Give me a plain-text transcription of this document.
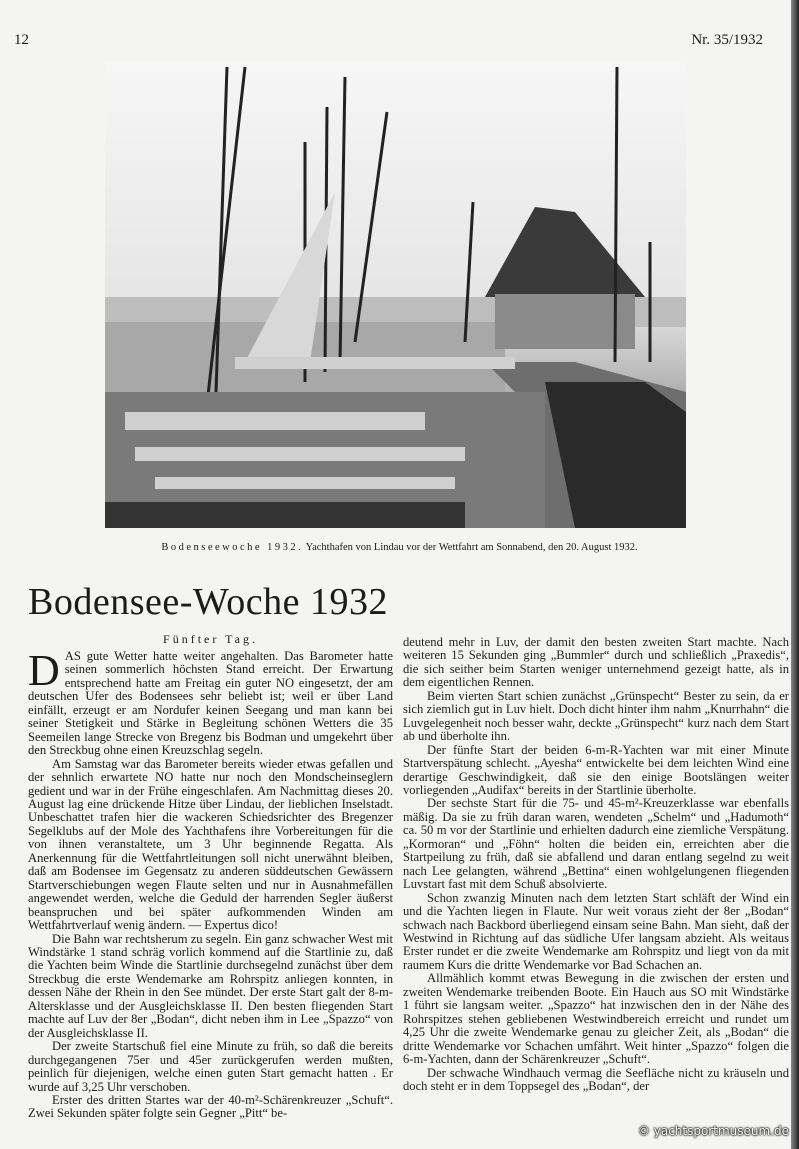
12	Nr. 35/1932
Bodenseewoche 1932. Yachthafen von Lindau vor der Wettfahrt am Sonnabend, den 20. August 1932.
Bodensee-Woche 1932
Fünfter Tag.

DAS gute Wetter hatte weiter angehalten. Das Barometer hatte seinen sommerlich höchsten Stand erreicht. Der Erwartung entsprechend hatte am Freitag ein guter NO eingesetzt, der am deutschen Ufer des Bodensees sehr beliebt ist; weil er über Land einfällt, erzeugt er am Nordufer keinen Seegang und man kann bei seiner Stetigkeit und Stärke in Begleitung schönen Wetters die 35 Seemeilen lange Strecke von Bregenz bis Bodman und umgekehrt über den Streckbug ohne einen Kreuzschlag segeln.

Am Samstag war das Barometer bereits wieder etwas gefallen und der sehnlich erwartete NO hatte nur noch den Mondscheinseglern gedient und war in der Frühe eingeschlafen. Am Nachmittag dieses 20. August lag eine drückende Hitze über Lindau, der lieblichen Inselstadt. Unbeschattet trafen hier die wackeren Schiedsrichter des Bregenzer Segelklubs auf der Mole des Yachthafens ihre Vorbereitungen für die von ihnen veranstaltete, um 3 Uhr beginnende Regatta. Als Anerkennung für die Wettfahrtleitungen soll nicht unerwähnt bleiben, daß am Bodensee im Gegensatz zu anderen süddeutschen Gewässern Startverschiebungen wegen Flaute selten und nur in Ausnahmefällen angewendet werden, welche die Geduld der harrenden Segler äußerst beanspruchen und bei später aufkommenden Winden am Wettfahrtverlauf wenig ändern. — Expertus dico!

Die Bahn war rechtsherum zu segeln. Ein ganz schwacher West mit Windstärke 1 stand schräg vorlich kommend auf die Startlinie zu, daß die Yachten beim Winde die Startlinie durchsegelnd zunächst über dem Streckbug die erste Wendemarke am Rohrspitz anliegen konnten, in dessen Nähe der Rhein in den See mündet. Der erste Start galt der 8-m-Altersklasse und der Ausgleichsklasse II. Den besten fliegenden Start machte auf Luv der 8er „Bodan“, dicht neben ihm in Lee „Spazzo“ von der Ausgleichsklasse II.

Der zweite Startschuß fiel eine Minute zu früh, so daß die bereits durchgegangenen 75er und 45er zurückgerufen werden mußten, peinlich für diejenigen, welche einen guten Start gemacht hatten . Er wurde auf 3,25 Uhr verschoben.

Erster des dritten Startes war der 40-m²-Schärenkreuzer „Schuft“. Zwei Sekunden später folgte sein Gegner „Pitt“ be-

deutend mehr in Luv, der damit den besten zweiten Start machte. Nach weiteren 15 Sekunden ging „Bummler“ durch und schließlich „Praxedis“, die sich seither beim Starten weniger unternehmend gezeigt hatte, als in dem eigentlichen Rennen.

Beim vierten Start schien zunächst „Grünspecht“ Bester zu sein, da er sich ziemlich gut in Luv hielt. Doch dicht hinter ihm nahm „Knurrhahn“ die Luvgelegenheit noch besser wahr, deckte „Grünspecht“ kurz nach dem Start ab und überholte ihn.

Der fünfte Start der beiden 6-m-R-Yachten war mit einer Minute Startverspätung schlecht. „Ayesha“ entwickelte bei dem leichten Wind eine derartige Geschwindigkeit, daß sie den einige Bootslängen weiter vorliegenden „Audifax“ bereits in der Startlinie überholte.

Der sechste Start für die 75- und 45-m²-Kreuzerklasse war ebenfalls mäßig. Da sie zu früh daran waren, wendeten „Schelm“ und „Hadumoth“ ca. 50 m vor der Startlinie und erhielten dadurch eine ziemliche Verspätung. „Kormoran“ und „Föhn“ holten die beiden ein, erreichten aber die Startpeilung zu früh, daß sie abfallend und daran entlang segelnd zu weit nach Lee gelangten, während „Bettina“ einen wohlgelungenen fliegenden Luvstart fast mit dem Schuß absolvierte.

Schon zwanzig Minuten nach dem letzten Start schläft der Wind ein und die Yachten liegen in Flaute. Nur weit voraus zieht der 8er „Bodan“ schwach nach Backbord überliegend einsam seine Bahn. Man sieht, daß der Westwind in Richtung auf das südliche Ufer langsam abzieht. Als weitaus Erster rundet er die zweite Wendemarke am Rohrspitz und liegt von da mit raumem Kurs die dritte Wendemarke vor Bad Schachen an.

Allmählich kommt etwas Bewegung in die zwischen der ersten und zweiten Wendemarke treibenden Boote. Ein Hauch aus SO mit Windstärke 1 führt sie langsam weiter. „Spazzo“ hat inzwischen den in der Nähe des Rohrspitzes stehen gebliebenen Westwindbereich erreicht und rundet um 4,25 Uhr die zweite Wendemarke genau zu gleicher Zeit, als „Bodan“ die dritte Wendemarke vor Schachen umfährt. Weit hinter „Spazzo“ folgen die 6-m-Yachten, dann der Schärenkreuzer „Schuft“.

Der schwache Windhauch vermag die Seefläche nicht zu kräuseln und doch steht er in dem Toppsegel des „Bodan“, der

© yachtsportmuseum.de
